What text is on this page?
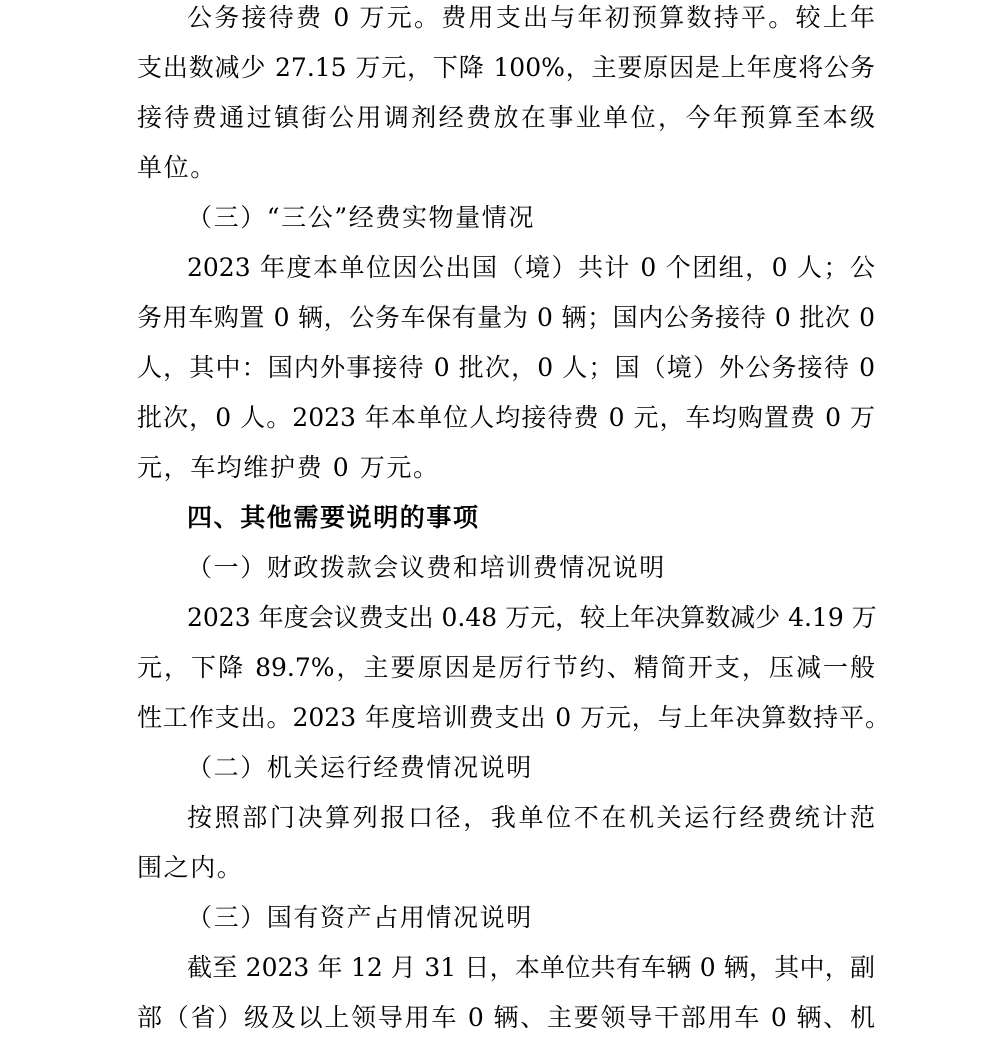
公务接待费 0 万元。费用支出与年初预算数持平。较上年
支出数减少 27.15 万元，下降 100%，主要原因是上年度将公务
接待费通过镇街公用调剂经费放在事业单位，今年预算至本级
单位。
（三）“三公”经费实物量情况
2023 年度本单位因公出国（境）共计 0 个团组，0 人；公
务用车购置 0 辆，公务车保有量为 0 辆；国内公务接待 0 批次 0
人，其中：国内外事接待 0 批次，0 人；国（境）外公务接待 0
批次，0 人。2023 年本单位人均接待费 0 元，车均购置费 0 万
元，车均维护费 0 万元。
四、其他需要说明的事项
（一）财政拨款会议费和培训费情况说明
2023 年度会议费支出 0.48 万元，较上年决算数减少 4.19 万
元，下降 89.7%，主要原因是厉行节约、精简开支，压减一般
性工作支出。2023 年度培训费支出 0 万元，与上年决算数持平。
（二）机关运行经费情况说明
按照部门决算列报口径，我单位不在机关运行经费统计范
围之内。
（三）国有资产占用情况说明
截至 2023 年 12 月 31 日，本单位共有车辆 0 辆，其中，副
部（省）级及以上领导用车 0 辆、主要领导干部用车 0 辆、机
